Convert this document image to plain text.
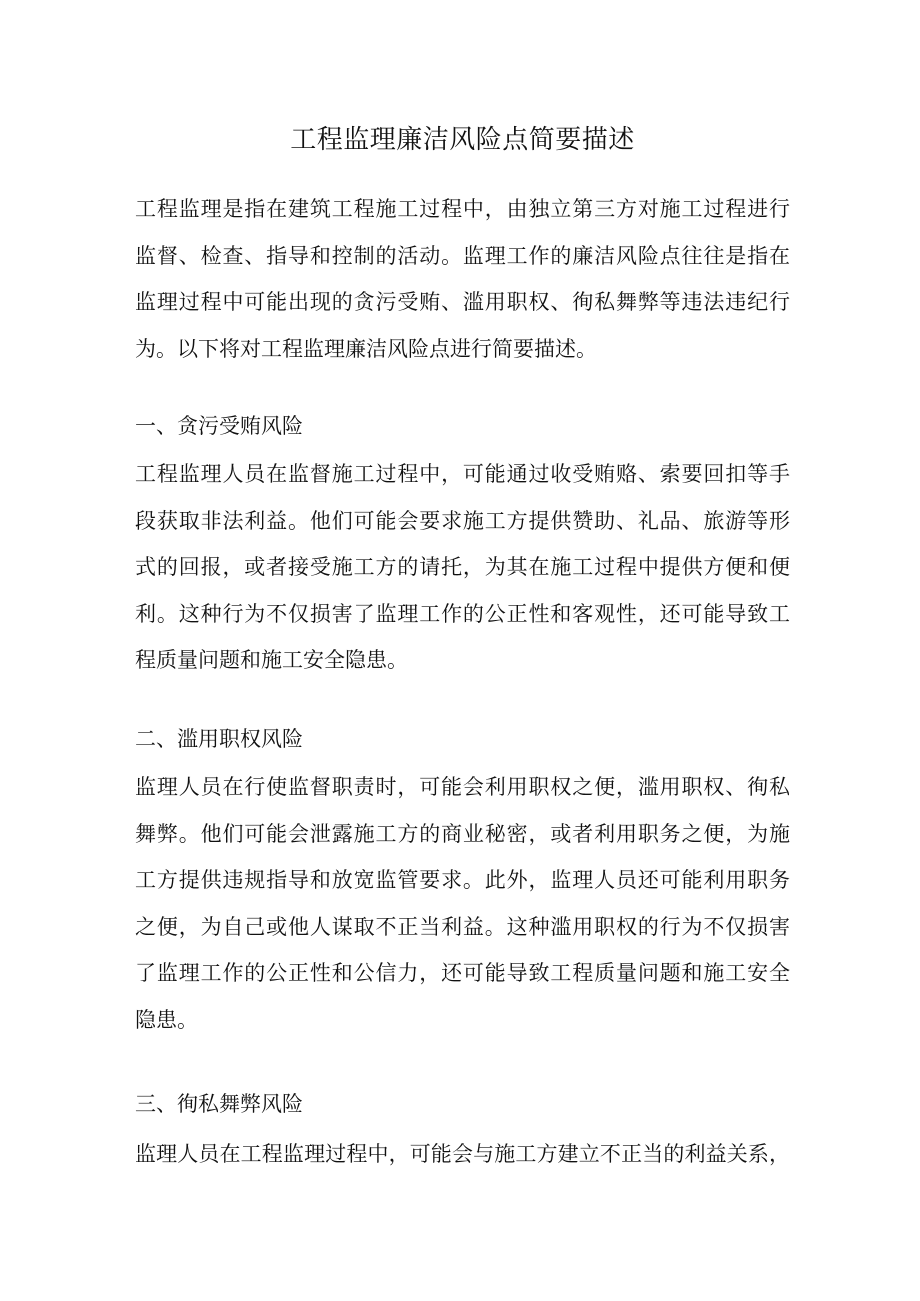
工程监理廉洁风险点简要描述
工程监理是指在建筑工程施工过程中，由独立第三方对施工过程进行
监督、检查、指导和控制的活动。监理工作的廉洁风险点往往是指在
监理过程中可能出现的贪污受贿、滥用职权、徇私舞弊等违法违纪行
为。以下将对工程监理廉洁风险点进行简要描述。
一、贪污受贿风险
工程监理人员在监督施工过程中，可能通过收受贿赂、索要回扣等手
段获取非法利益。他们可能会要求施工方提供赞助、礼品、旅游等形
式的回报，或者接受施工方的请托，为其在施工过程中提供方便和便
利。这种行为不仅损害了监理工作的公正性和客观性，还可能导致工
程质量问题和施工安全隐患。
二、滥用职权风险
监理人员在行使监督职责时，可能会利用职权之便，滥用职权、徇私
舞弊。他们可能会泄露施工方的商业秘密，或者利用职务之便，为施
工方提供违规指导和放宽监管要求。此外，监理人员还可能利用职务
之便，为自己或他人谋取不正当利益。这种滥用职权的行为不仅损害
了监理工作的公正性和公信力，还可能导致工程质量问题和施工安全
隐患。
三、徇私舞弊风险
监理人员在工程监理过程中，可能会与施工方建立不正当的利益关系，
